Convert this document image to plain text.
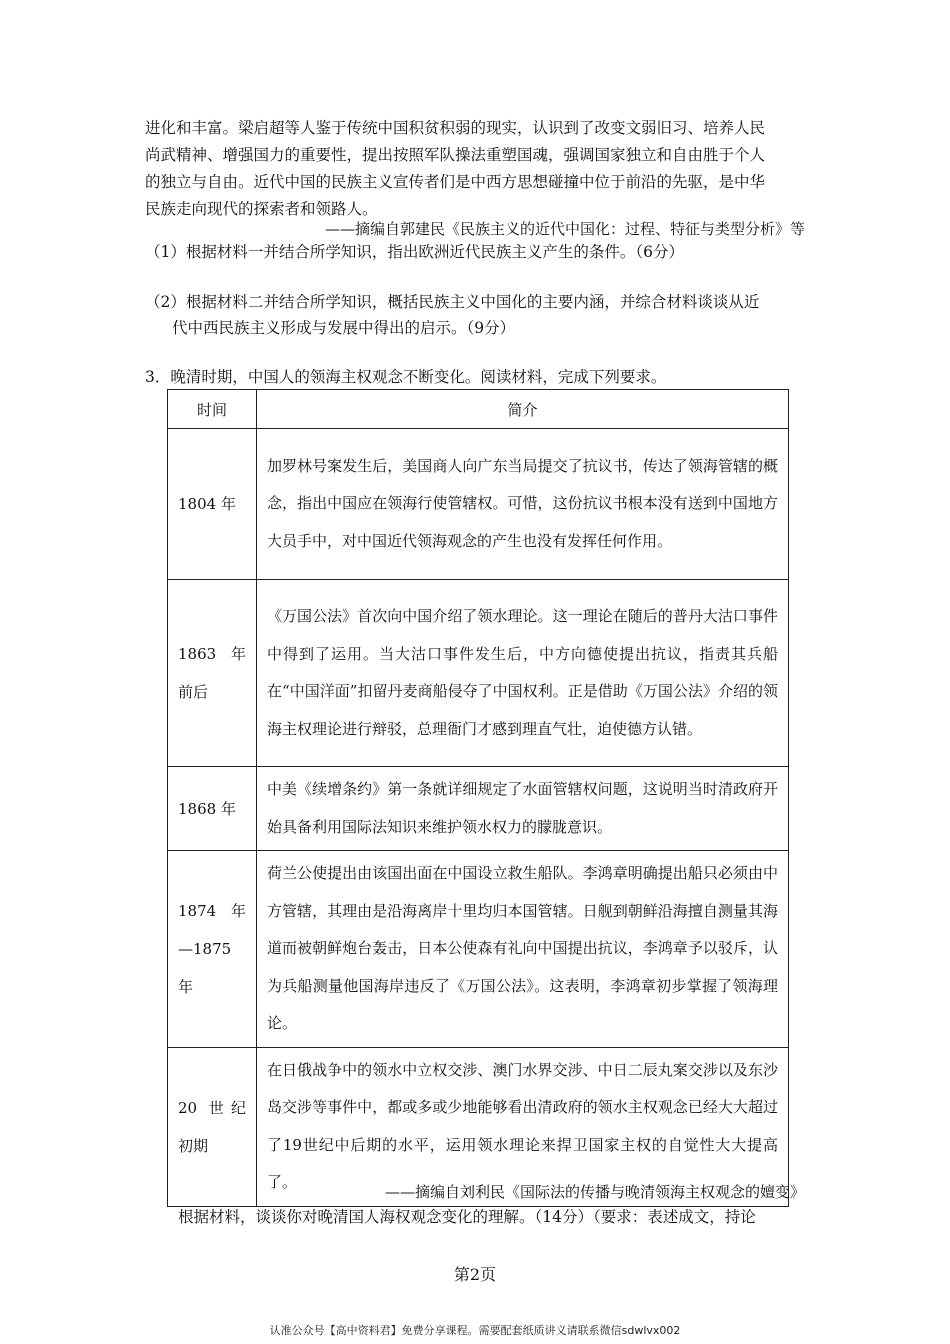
进化和丰富。梁启超等人鉴于传统中国积贫积弱的现实，认识到了改变文弱旧习、培养人民
尚武精神、增强国力的重要性，提出按照军队操法重塑国魂，强调国家独立和自由胜于个人
的独立与自由。近代中国的民族主义宣传者们是中西方思想碰撞中位于前沿的先驱，是中华
民族走向现代的探索者和领路人。
——摘编自郭建民《民族主义的近代中国化：过程、特征与类型分析》等
（1）根据材料一并结合所学知识，指出欧洲近代民族主义产生的条件。（6分）
（2）根据材料二并结合所学知识，概括民族主义中国化的主要内涵，并综合材料谈谈从近
代中西民族主义形成与发展中得出的启示。（9分）
3．晚清时期，中国人的领海主权观念不断变化。阅读材料，完成下列要求。
时间	简介
1804 年	加罗林号案发生后，美国商人向广东当局提交了抗议书，传达了领海管辖的概念，指出中国应在领海行使管辖权。可惜，这份抗议书根本没有送到中国地方大员手中，对中国近代领海观念的产生也没有发挥任何作用。
1863 年前后	《万国公法》首次向中国介绍了领水理论。这一理论在随后的普丹大沽口事件中得到了运用。当大沽口事件发生后，中方向德使提出抗议，指责其兵船在“中国洋面”扣留丹麦商船侵夺了中国权利。正是借助《万国公法》介绍的领海主权理论进行辩驳，总理衙门才感到理直气壮，迫使德方认错。
1868 年	中美《续增条约》第一条就详细规定了水面管辖权问题，这说明当时清政府开始具备利用国际法知识来维护领水权力的朦胧意识。
1874 年—1875 年	荷兰公使提出由该国出面在中国设立救生船队。李鸿章明确提出船只必须由中方管辖，其理由是沿海离岸十里均归本国管辖。日舰到朝鲜沿海擅自测量其海道而被朝鲜炮台轰击，日本公使森有礼向中国提出抗议，李鸿章予以驳斥，认为兵船测量他国海岸违反了《万国公法》。这表明，李鸿章初步掌握了领海理论。
20 世纪初期	在日俄战争中的领水中立权交涉、澳门水界交涉、中日二辰丸案交涉以及东沙岛交涉等事件中，都或多或少地能够看出清政府的领水主权观念已经大大超过了19世纪中后期的水平，运用领水理论来捍卫国家主权的自觉性大大提高了。
——摘编自刘利民《国际法的传播与晚清领海主权观念的嬗变》
根据材料，谈谈你对晚清国人海权观念变化的理解。（14分）（要求：表述成文，持论
第2页
认准公众号【高中资料君】免费分享课程。需要配套纸质讲义请联系微信sdwlvx002
